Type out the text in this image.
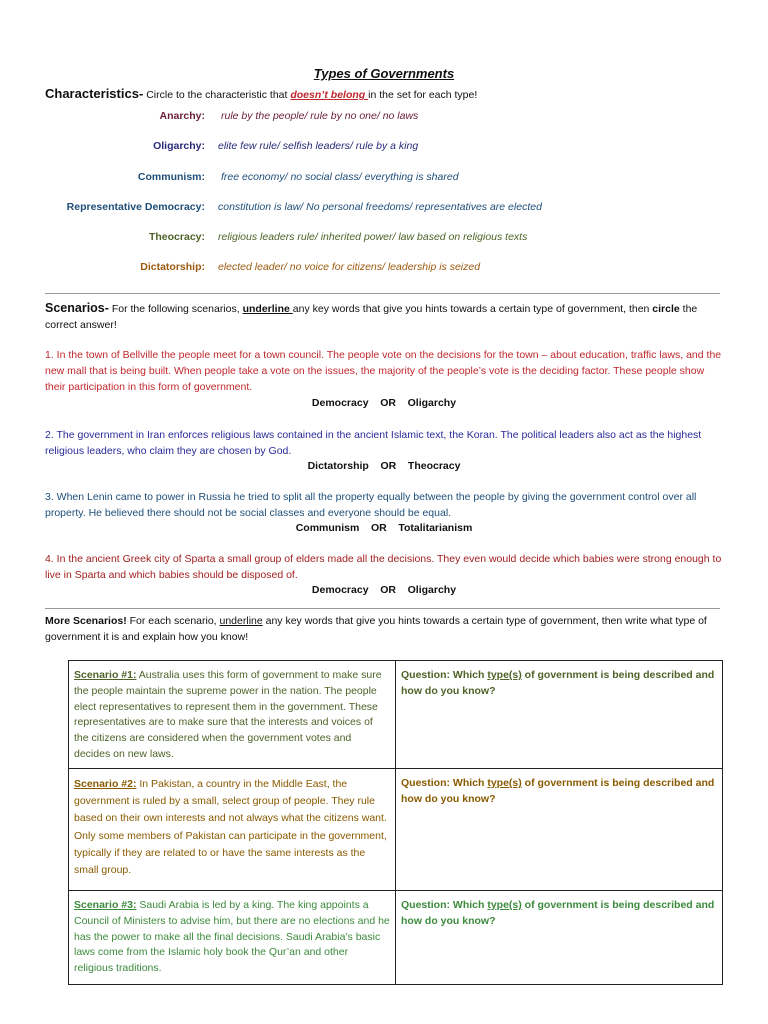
Types of Governments
Characteristics- Circle to the characteristic that doesn’t belong in the set for each type!
Anarchy: rule by the people/ rule by no one/ no laws
Oligarchy: elite few rule/ selfish leaders/ rule by a king
Communism: free economy/ no social class/ everything is shared
Representative Democracy: constitution is law/ No personal freedoms/ representatives are elected
Theocracy: religious leaders rule/ inherited power/ law based on religious texts
Dictatorship: elected leader/ no voice for citizens/ leadership is seized
Scenarios- For the following scenarios, underline any key words that give you hints towards a certain type of government, then circle the correct answer!
1. In the town of Bellville the people meet for a town council. The people vote on the decisions for the town – about education, traffic laws, and the new mall that is being built. When people take a vote on the issues, the majority of the people’s vote is the deciding factor. These people show their participation in this form of government.
Democracy    OR    Oligarchy
2. The government in Iran enforces religious laws contained in the ancient Islamic text, the Koran. The political leaders also act as the highest religious leaders, who claim they are chosen by God.
Dictatorship    OR    Theocracy
3. When Lenin came to power in Russia he tried to split all the property equally between the people by giving the government control over all property. He believed there should not be social classes and everyone should be equal.
Communism    OR    Totalitarianism
4. In the ancient Greek city of Sparta a small group of elders made all the decisions. They even would decide which babies were strong enough to live in Sparta and which babies should be disposed of.
Democracy    OR    Oligarchy
More Scenarios! For each scenario, underline any key words that give you hints towards a certain type of government, then write what type of government it is and explain how you know!
Scenario #1: Australia uses this form of government to make sure the people maintain the supreme power in the nation. The people elect representatives to represent them in the government. These representatives are to make sure that the interests and voices of the citizens are considered when the government votes and decides on new laws.	Question: Which type(s) of government is being described and how do you know?
Scenario #2: In Pakistan, a country in the Middle East, the government is ruled by a small, select group of people. They rule based on their own interests and not always what the citizens want. Only some members of Pakistan can participate in the government, typically if they are related to or have the same interests as the small group.	Question: Which type(s) of government is being described and how do you know?
Scenario #3: Saudi Arabia is led by a king. The king appoints a Council of Ministers to advise him, but there are no elections and he has the power to make all the final decisions. Saudi Arabia’s basic laws come from the Islamic holy book the Qur’an and other religious traditions.	Question: Which type(s) of government is being described and how do you know?
